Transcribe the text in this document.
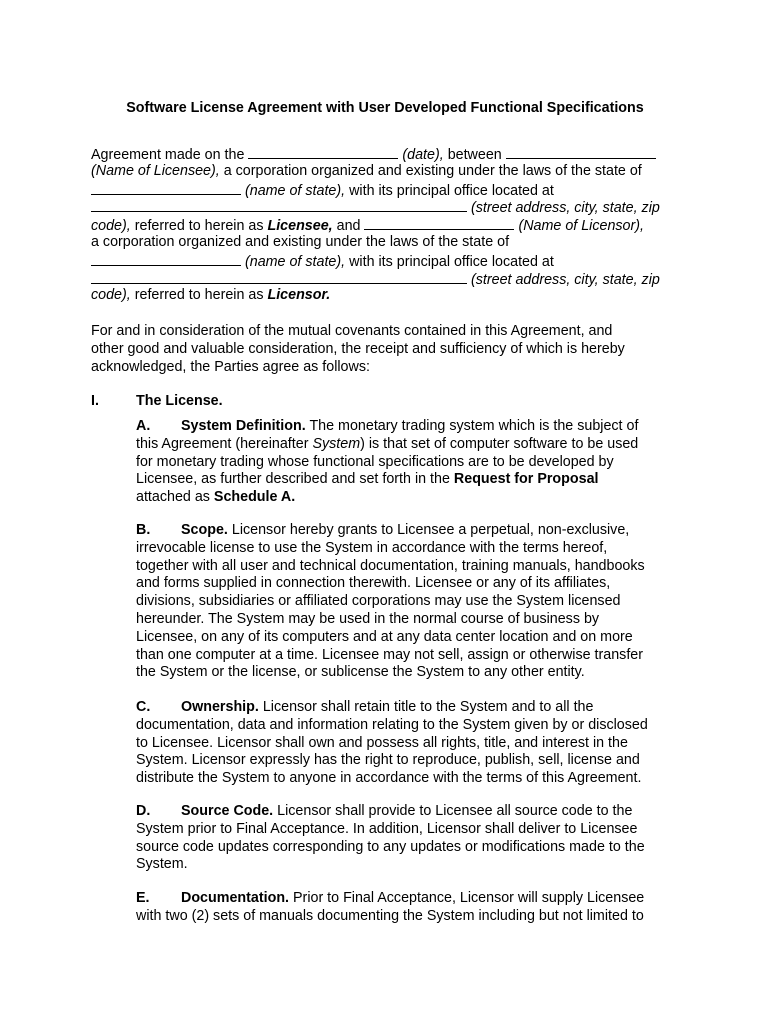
Software License Agreement with User Developed Functional Specifications
Agreement made on the	(date), between
(Name of Licensee), a corporation organized and existing under the laws of the state of
(name of state), with its principal office located at
(street address, city, state, zip
code), referred to herein as Licensee, and	(Name of Licensor),
a corporation organized and existing under the laws of the state of
(name of state), with its principal office located at
(street address, city, state, zip
code), referred to herein as Licensor.
For and in consideration of the mutual covenants contained in this Agreement, and
other good and valuable consideration, the receipt and sufficiency of which is hereby
acknowledged, the Parties agree as follows:
I.	The License.
A. System Definition. The monetary trading system which is the subject of
this Agreement (hereinafter System) is that set of computer software to be used
for monetary trading whose functional specifications are to be developed by
Licensee, as further described and set forth in the Request for Proposal
attached as Schedule A.
B. Scope. Licensor hereby grants to Licensee a perpetual, non-exclusive,
irrevocable license to use the System in accordance with the terms hereof,
together with all user and technical documentation, training manuals, handbooks
and forms supplied in connection therewith. Licensee or any of its affiliates,
divisions, subsidiaries or affiliated corporations may use the System licensed
hereunder. The System may be used in the normal course of business by
Licensee, on any of its computers and at any data center location and on more
than one computer at a time. Licensee may not sell, assign or otherwise transfer
the System or the license, or sublicense the System to any other entity.
C. Ownership. Licensor shall retain title to the System and to all the
documentation, data and information relating to the System given by or disclosed
to Licensee. Licensor shall own and possess all rights, title, and interest in the
System. Licensor expressly has the right to reproduce, publish, sell, license and
distribute the System to anyone in accordance with the terms of this Agreement.
D. Source Code. Licensor shall provide to Licensee all source code to the
System prior to Final Acceptance. In addition, Licensor shall deliver to Licensee
source code updates corresponding to any updates or modifications made to the
System.
E. Documentation. Prior to Final Acceptance, Licensor will supply Licensee
with two (2) sets of manuals documenting the System including but not limited to
